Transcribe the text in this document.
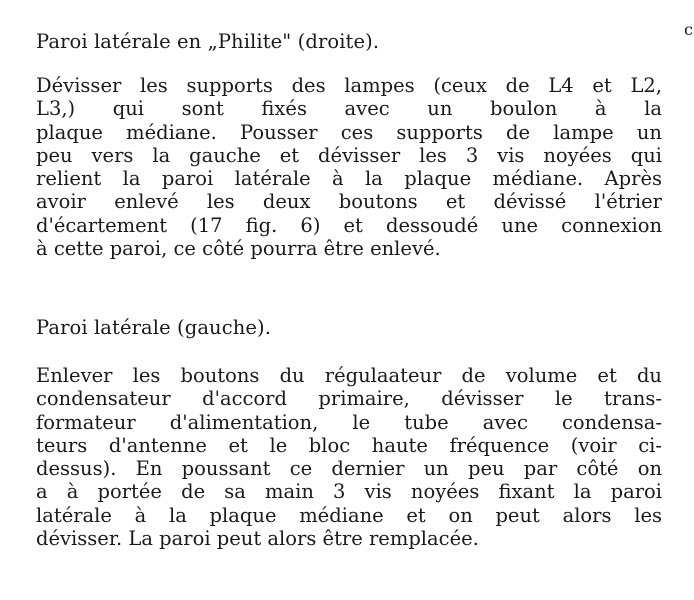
Paroi latérale en „Philite" (droite).
Dévisser les supports des lampes (ceux de L4 et L2,
L3,) qui sont fixés avec un boulon à la
plaque médiane. Pousser ces supports de lampe un
peu vers la gauche et dévisser les 3 vis noyées qui
relient la paroi latérale à la plaque médiane. Après
avoir enlevé les deux boutons et dévissé l'étrier
d'écartement (17 fig. 6) et dessoudé une connexion
à cette paroi, ce côté pourra être enlevé.
Paroi latérale (gauche).
Enlever les boutons du régulaateur de volume et du
condensateur d'accord primaire, dévisser le trans-
formateur d'alimentation, le tube avec condensa-
teurs d'antenne et le bloc haute fréquence (voir ci-
dessus). En poussant ce dernier un peu par côté on
a à portée de sa main 3 vis noyées fixant la paroi
latérale à la plaque médiane et on peut alors les
dévisser. La paroi peut alors être remplacée.
c
